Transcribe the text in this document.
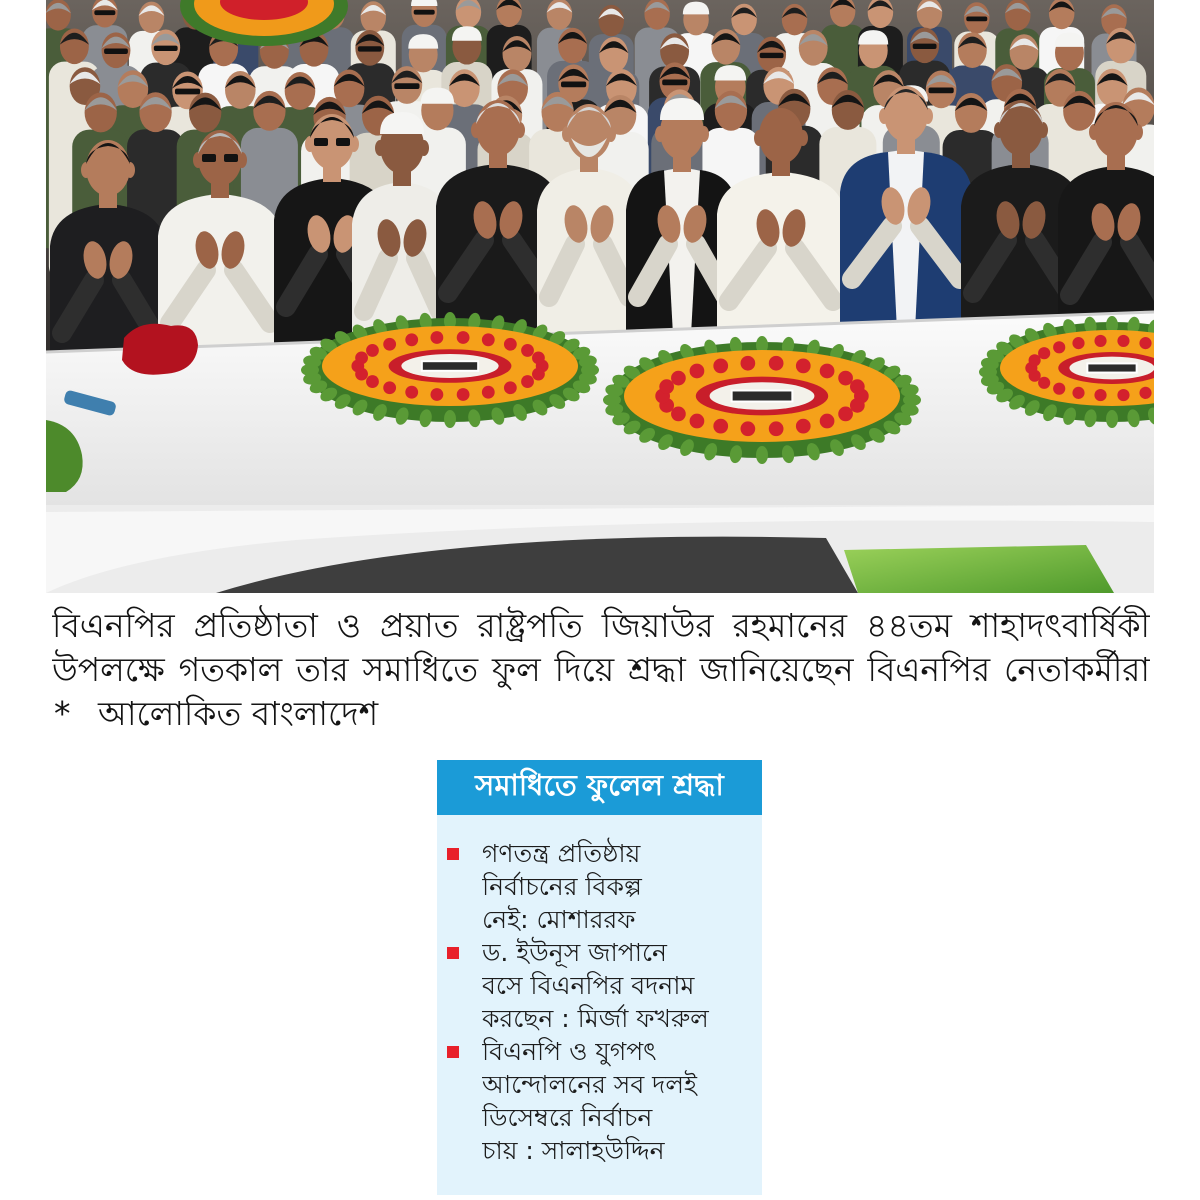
বিএনপির প্রতিষ্ঠাতা ও প্রয়াত রাষ্ট্রপতি জিয়াউর রহমানের ৪৪তম শাহাদৎবার্ষিকী
উপলক্ষে গতকাল তার সমাধিতে ফুল দিয়ে শ্রদ্ধা জানিয়েছেন বিএনপির নেতাকর্মীরা
* আলোকিত বাংলাদেশ
সমাধিতে ফুলেল শ্রদ্ধা
গণতন্ত্র প্রতিষ্ঠায়
নির্বাচনের বিকল্প
নেই: মোশাররফ
ড. ইউনূস জাপানে
বসে বিএনপির বদনাম
করছেন : মির্জা ফখরুল
বিএনপি ও যুগপৎ
আন্দোলনের সব দলই
ডিসেম্বরে নির্বাচন
চায় : সালাহউদ্দিন
